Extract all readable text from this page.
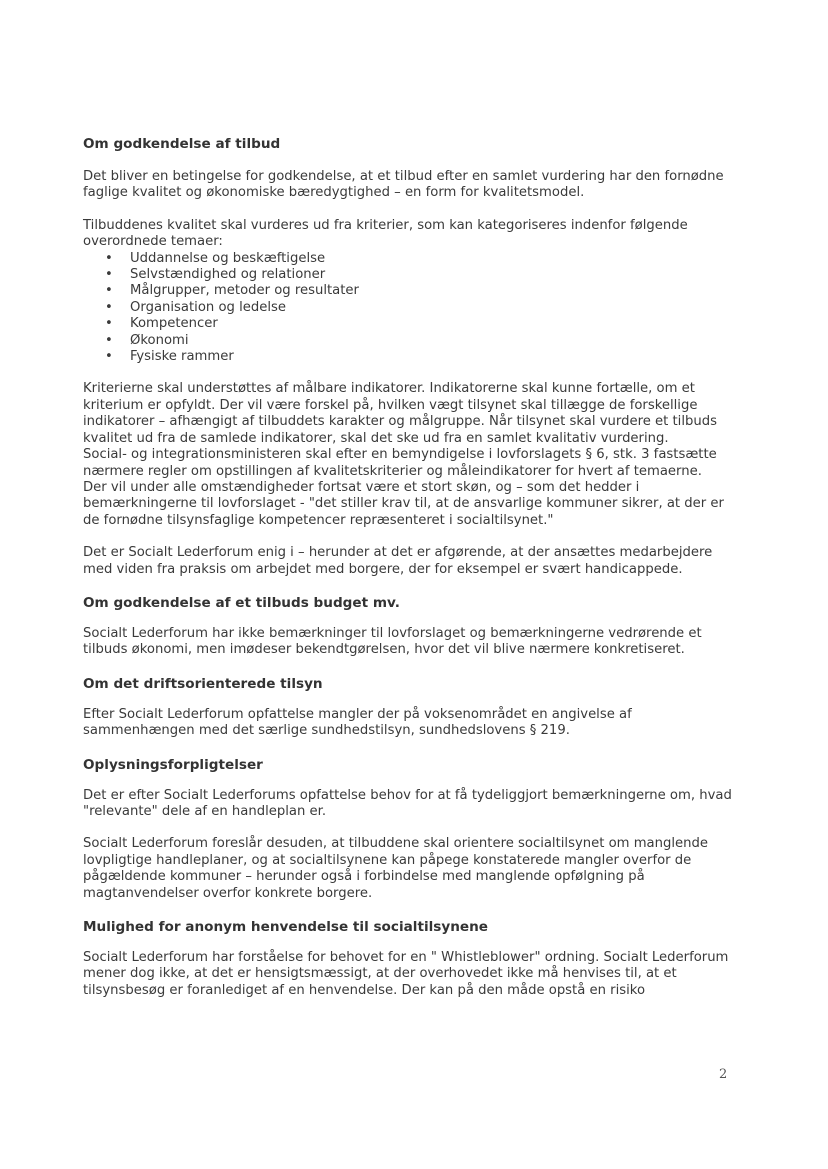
Om godkendelse af tilbud

Det bliver en betingelse for godkendelse, at et tilbud efter en samlet vurdering har den fornødne faglige kvalitet og økonomiske bæredygtighed – en form for kvalitetsmodel.

Tilbuddenes kvalitet skal vurderes ud fra kriterier, som kan kategoriseres indenfor følgende overordnede temaer:

• Uddannelse og beskæftigelse
• Selvstændighed og relationer
• Målgrupper, metoder og resultater
• Organisation og ledelse
• Kompetencer
• Økonomi
• Fysiske rammer

Kriterierne skal understøttes af målbare indikatorer. Indikatorerne skal kunne fortælle, om et kriterium er opfyldt. Der vil være forskel på, hvilken vægt tilsynet skal tillægge de forskellige indikatorer – afhængigt af tilbuddets karakter og målgruppe. Når tilsynet skal vurdere et tilbuds kvalitet ud fra de samlede indikatorer, skal det ske ud fra en samlet kvalitativ vurdering.

Social- og integrationsministeren skal efter en bemyndigelse i lovforslagets § 6, stk. 3 fastsætte nærmere regler om opstillingen af kvalitetskriterier og måleindikatorer for hvert af temaerne.

Der vil under alle omstændigheder fortsat være et stort skøn, og – som det hedder i bemærkningerne til lovforslaget - "det stiller krav til, at de ansvarlige kommuner sikrer, at der er de fornødne tilsynsfaglige kompetencer repræsenteret i socialtilsynet."

Det er Socialt Lederforum enig i – herunder at det er afgørende, at der ansættes medarbejdere med viden fra praksis om arbejdet med borgere, der for eksempel er svært handicappede.

Om godkendelse af et tilbuds budget mv.

Socialt Lederforum har ikke bemærkninger til lovforslaget og bemærkningerne vedrørende et tilbuds økonomi, men imødeser bekendtgørelsen, hvor det vil blive nærmere konkretiseret.

Om det driftsorienterede tilsyn

Efter Socialt Lederforum opfattelse mangler der på voksenområdet en angivelse af sammenhængen med det særlige sundhedstilsyn, sundhedslovens § 219.

Oplysningsforpligtelser

Det er efter Socialt Lederforums opfattelse behov for at få tydeliggjort bemærkningerne om, hvad "relevante" dele af en handleplan er.

Socialt Lederforum foreslår desuden, at tilbuddene skal orientere socialtilsynet om manglende lovpligtige handleplaner, og at socialtilsynene kan påpege konstaterede mangler overfor de pågældende kommuner – herunder også i forbindelse med manglende opfølgning på magtanvendelser overfor konkrete borgere.

Mulighed for anonym henvendelse til socialtilsynene

Socialt Lederforum har forståelse for behovet for en " Whistleblower" ordning. Socialt Lederforum mener dog ikke, at det er hensigtsmæssigt, at der overhovedet ikke må henvises til, at et tilsynsbesøg er foranlediget af en henvendelse. Der kan på den måde opstå en risiko

2
